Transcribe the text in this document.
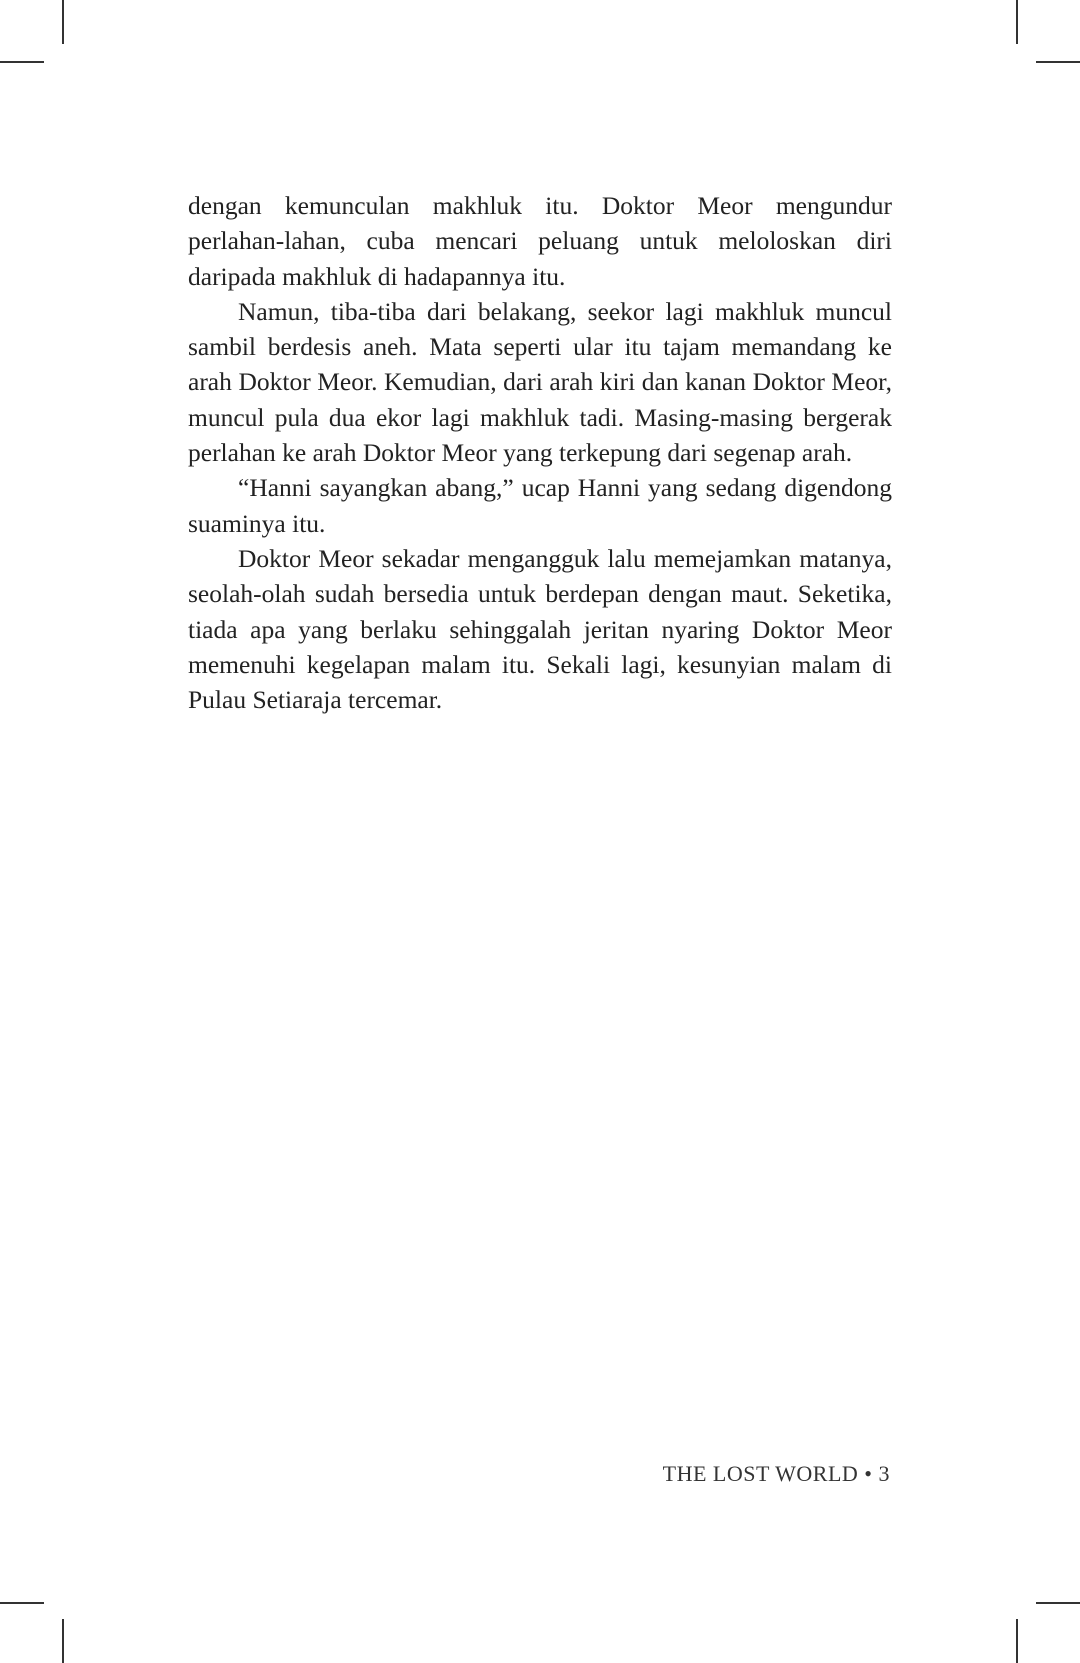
dengan kemunculan makhluk itu. Doktor Meor mengundur perlahan-lahan, cuba mencari peluang untuk meloloskan diri daripada makhluk di hadapannya itu.

Namun, tiba-tiba dari belakang, seekor lagi makhluk muncul sambil berdesis aneh. Mata seperti ular itu tajam memandang ke arah Doktor Meor. Kemudian, dari arah kiri dan kanan Doktor Meor, muncul pula dua ekor lagi makhluk tadi. Masing-masing bergerak perlahan ke arah Doktor Meor yang terkepung dari segenap arah.

“Hanni sayangkan abang,” ucap Hanni yang sedang digendong suaminya itu.

Doktor Meor sekadar mengangguk lalu memejamkan matanya, seolah-olah sudah bersedia untuk berdepan dengan maut. Seketika, tiada apa yang berlaku sehinggalah jeritan nyaring Doktor Meor memenuhi kegelapan malam itu. Sekali lagi, kesunyian malam di Pulau Setiaraja tercemar.

THE LOST WORLD • 3
